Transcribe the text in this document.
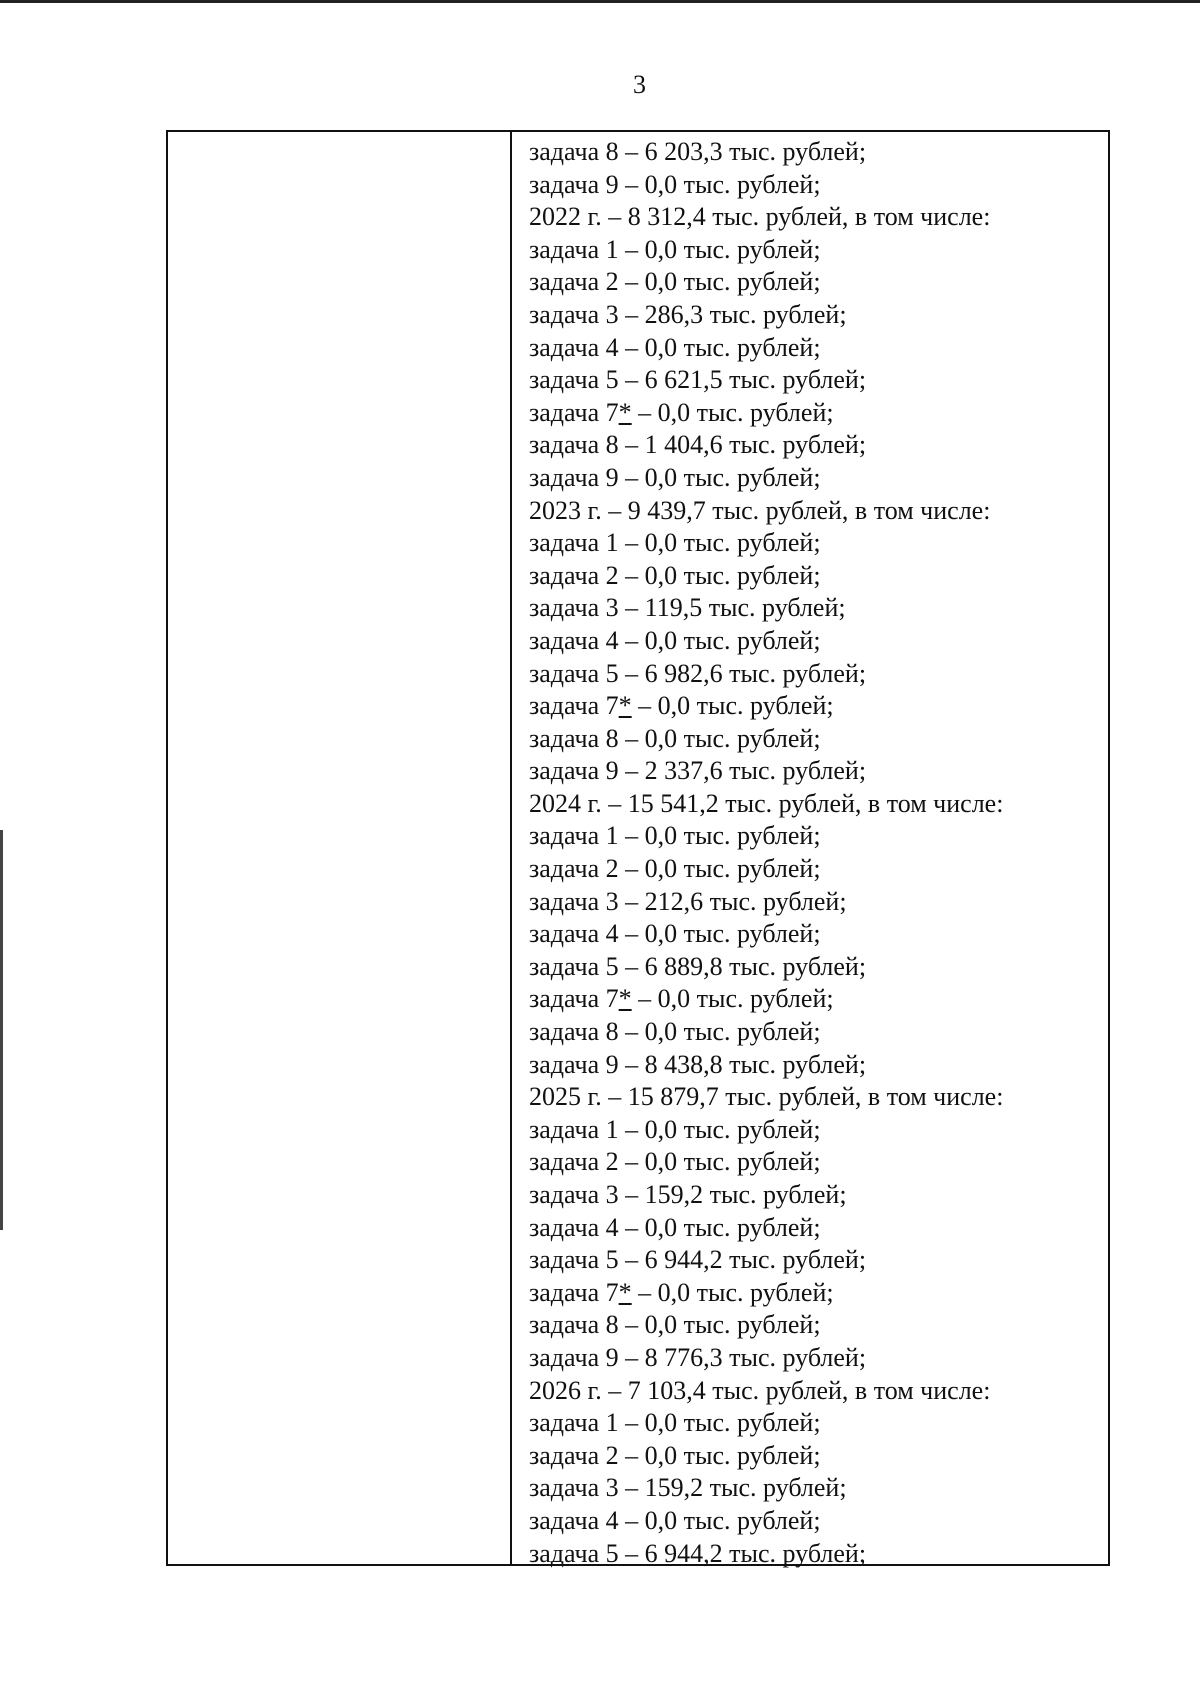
3
задача 8 – 6 203,3 тыс. рублей;
задача 9 – 0,0 тыс. рублей;
2022 г. – 8 312,4 тыс. рублей, в том числе:
задача 1 – 0,0 тыс. рублей;
задача 2 – 0,0 тыс. рублей;
задача 3 – 286,3 тыс. рублей;
задача 4 – 0,0 тыс. рублей;
задача 5 – 6 621,5 тыс. рублей;
задача 7* – 0,0 тыс. рублей;
задача 8 – 1 404,6 тыс. рублей;
задача 9 – 0,0 тыс. рублей;
2023 г. – 9 439,7 тыс. рублей, в том числе:
задача 1 – 0,0 тыс. рублей;
задача 2 – 0,0 тыс. рублей;
задача 3 – 119,5 тыс. рублей;
задача 4 – 0,0 тыс. рублей;
задача 5 – 6 982,6 тыс. рублей;
задача 7* – 0,0 тыс. рублей;
задача 8 – 0,0 тыс. рублей;
задача 9 – 2 337,6 тыс. рублей;
2024 г. – 15 541,2 тыс. рублей, в том числе:
задача 1 – 0,0 тыс. рублей;
задача 2 – 0,0 тыс. рублей;
задача 3 – 212,6 тыс. рублей;
задача 4 – 0,0 тыс. рублей;
задача 5 – 6 889,8 тыс. рублей;
задача 7* – 0,0 тыс. рублей;
задача 8 – 0,0 тыс. рублей;
задача 9 – 8 438,8 тыс. рублей;
2025 г. – 15 879,7 тыс. рублей, в том числе:
задача 1 – 0,0 тыс. рублей;
задача 2 – 0,0 тыс. рублей;
задача 3 – 159,2 тыс. рублей;
задача 4 – 0,0 тыс. рублей;
задача 5 – 6 944,2 тыс. рублей;
задача 7* – 0,0 тыс. рублей;
задача 8 – 0,0 тыс. рублей;
задача 9 – 8 776,3 тыс. рублей;
2026 г. – 7 103,4 тыс. рублей, в том числе:
задача 1 – 0,0 тыс. рублей;
задача 2 – 0,0 тыс. рублей;
задача 3 – 159,2 тыс. рублей;
задача 4 – 0,0 тыс. рублей;
задача 5 – 6 944,2 тыс. рублей;
